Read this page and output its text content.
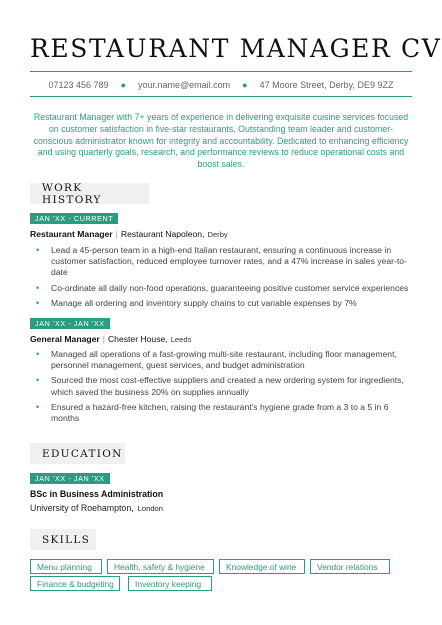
RESTAURANT MANAGER CV
07123 456 789 ● your.name@email.com ● 47 Moore Street, Derby, DE9 9ZZ

Restaurant Manager with 7+ years of experience in delivering exquisite cuisine services focused on customer satisfaction in five-star restaurants. Outstanding team leader and customer-conscious administrator known for integrity and accountability. Dedicated to enhancing efficiency and using quarterly goals, research, and performance reviews to reduce operational costs and boost sales.

WORK HISTORY
JAN 'XX - CURRENT
Restaurant Manager | Restaurant Napoleon, Derby
• Lead a 45-person team in a high-end Italian restaurant, ensuring a continuous increase in customer satisfaction, reduced employee turnover rates, and a 47% increase in sales year-to-date
• Co-ordinate all daily non-food operations, guaranteeing positive customer service experiences
• Manage all ordering and inventory supply chains to cut variable expenses by 7%
JAN 'XX - JAN 'XX
General Manager | Chester House, Leeds
• Managed all operations of a fast-growing multi-site restaurant, including floor management, personnel management, guest services, and budget administration
• Sourced the most cost-effective suppliers and created a new ordering system for ingredients, which saved the business 20% on supplies annually
• Ensured a hazard-free kitchen, raising the restaurant's hygiene grade from a 3 to a 5 in 6 months
EDUCATION
JAN 'XX - JAN 'XX
BSc in Business Administration
University of Roehampton, London
SKILLS
Menu planning	Health, safety & hygiene	Knowledge of wine	Vendor relations
Finance & budgeting	Inventory keeping
